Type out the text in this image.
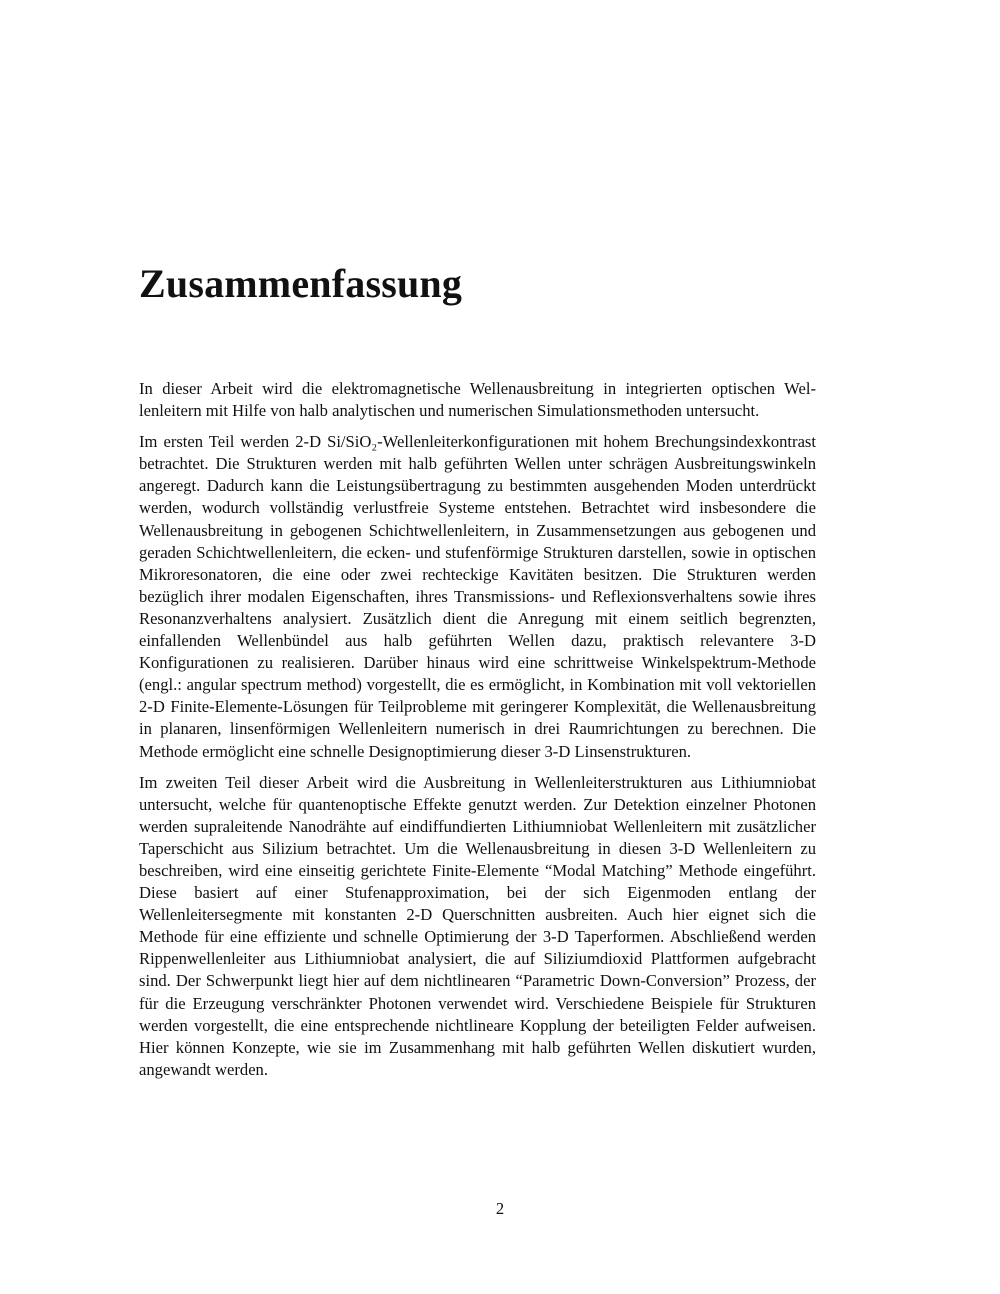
Zusammenfassung

In dieser Arbeit wird die elektromagnetische Wellenausbreitung in integrierten optischen Wellenleitern mit Hilfe von halb analytischen und numerischen Simulationsmethoden untersucht.

Im ersten Teil werden 2-D Si/SiO₂-Wellenleiterkonfigurationen mit hohem Brechungsindexkontrast betrachtet. Die Strukturen werden mit halb geführten Wellen unter schrägen Ausbreitungswinkeln angeregt. Dadurch kann die Leistungsübertragung zu bestimmten ausgehenden Moden unterdrückt werden, wodurch vollständig verlustfreie Systeme entstehen. Betrachtet wird insbesondere die Wellenausbreitung in gebogenen Schichtwellenleitern, in Zusammensetzungen aus gebogenen und geraden Schichtwellenleitern, die ecken- und stufenförmige Strukturen darstellen, sowie in optischen Mikroresonatoren, die eine oder zwei rechteckige Kavitäten besitzen. Die Strukturen werden bezüglich ihrer modalen Eigenschaften, ihres Transmissions- und Reflexionsverhaltens sowie ihres Resonanzverhaltens analysiert. Zusätzlich dient die Anregung mit einem seitlich begrenzten, einfallenden Wellenbündel aus halb geführten Wellen dazu, praktisch relevantere 3-D Konfigurationen zu realisieren. Darüber hinaus wird eine schrittweise Winkelspektrum-Methode (engl.: angular spectrum method) vorgestellt, die es ermöglicht, in Kombination mit voll vektoriellen 2-D Finite-Elemente-Lösungen für Teilprobleme mit geringerer Komplexität, die Wellenausbreitung in planaren, linsenförmigen Wellenleitern numerisch in drei Raumrichtungen zu berechnen. Die Methode ermöglicht eine schnelle Designoptimierung dieser 3-D Linsenstrukturen.

Im zweiten Teil dieser Arbeit wird die Ausbreitung in Wellenleiterstrukturen aus Lithiumniobat untersucht, welche für quantenoptische Effekte genutzt werden. Zur Detektion einzelner Photonen werden supraleitende Nanodrähte auf eindiffundierten Lithiumniobat Wellenleitern mit zusätzlicher Taperschicht aus Silizium betrachtet. Um die Wellenausbreitung in diesen 3-D Wellenleitern zu beschreiben, wird eine einseitig gerichtete Finite-Elemente “Modal Matching” Methode eingeführt. Diese basiert auf einer Stufenapproximation, bei der sich Eigenmoden entlang der Wellenleitersegmente mit konstanten 2-D Querschnitten ausbreiten. Auch hier eignet sich die Methode für eine effiziente und schnelle Optimierung der 3-D Taperformen. Abschließend werden Rippenwellenleiter aus Lithiumniobat analysiert, die auf Siliziumdioxid Plattformen aufgebracht sind. Der Schwerpunkt liegt hier auf dem nichtlinearen “Parametric Down-Conversion” Prozess, der für die Erzeugung verschränkter Photonen verwendet wird. Verschiedene Beispiele für Strukturen werden vorgestellt, die eine entsprechende nichtlineare Kopplung der beteiligten Felder aufweisen. Hier können Konzepte, wie sie im Zusammenhang mit halb geführten Wellen diskutiert wurden, angewandt werden.

2
